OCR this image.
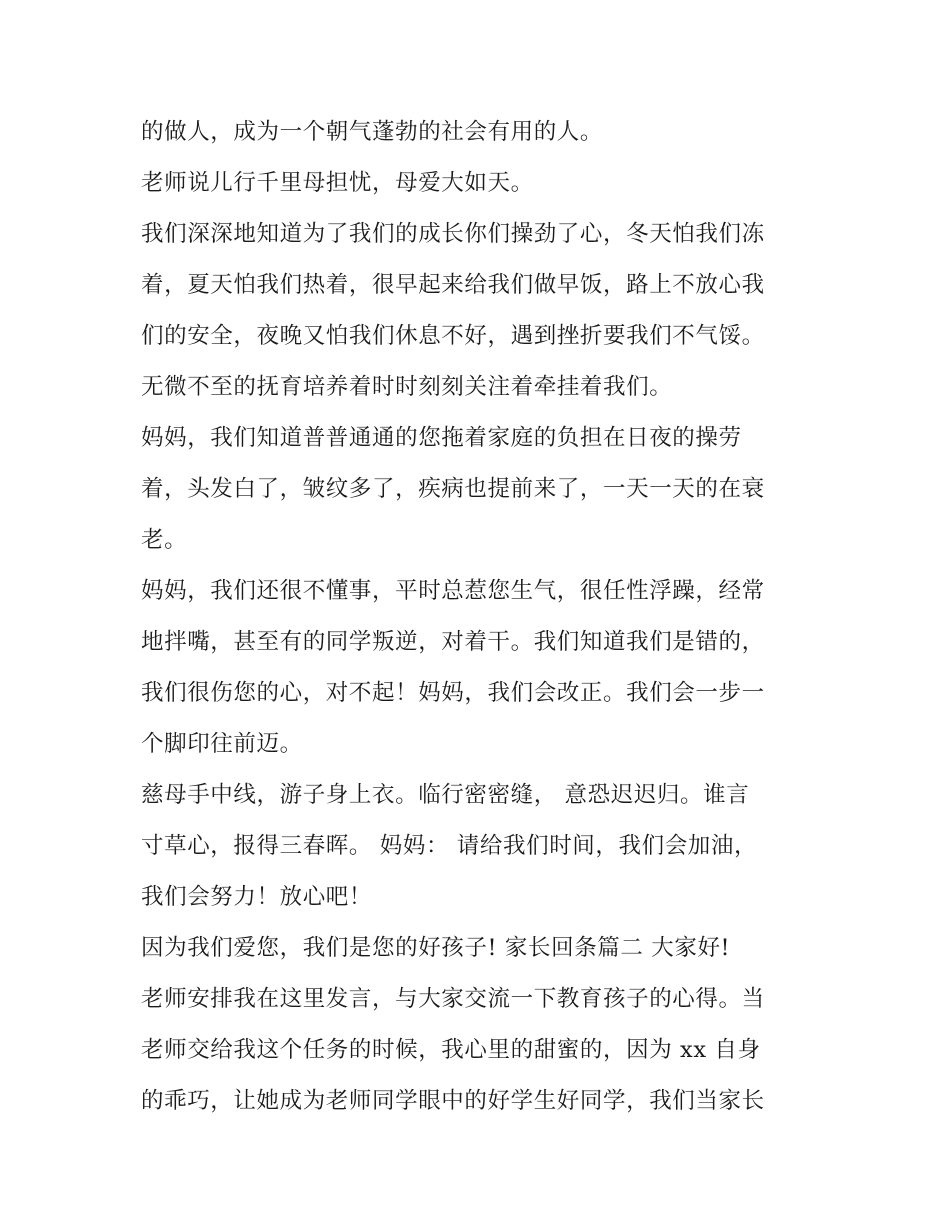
的做人，成为一个朝气蓬勃的社会有用的人。
老师说儿行千里母担忧，母爱大如天。
我们深深地知道为了我们的成长你们操劲了心，冬天怕我们冻
着，夏天怕我们热着，很早起来给我们做早饭，路上不放心我
们的安全，夜晚又怕我们休息不好，遇到挫折要我们不气馁。
无微不至的抚育培养着时时刻刻关注着牵挂着我们。
妈妈，我们知道普普通通的您拖着家庭的负担在日夜的操劳
着，头发白了，皱纹多了，疾病也提前来了，一天一天的在衰
老。
妈妈，我们还很不懂事，平时总惹您生气，很任性浮躁，经常
地拌嘴，甚至有的同学叛逆，对着干。我们知道我们是错的，
我们很伤您的心，对不起！妈妈，我们会改正。我们会一步一
个脚印往前迈。
慈母手中线，游子身上衣。临行密密缝， 意恐迟迟归。谁言
寸草心，报得三春晖。 妈妈： 请给我们时间，我们会加油，
我们会努力！放心吧！
因为我们爱您，我们是您的好孩子! 家长回条篇二 大家好!
老师安排我在这里发言，与大家交流一下教育孩子的心得。当
老师交给我这个任务的时候，我心里的甜蜜的，因为 xx 自身
的乖巧，让她成为老师同学眼中的好学生好同学，我们当家长
